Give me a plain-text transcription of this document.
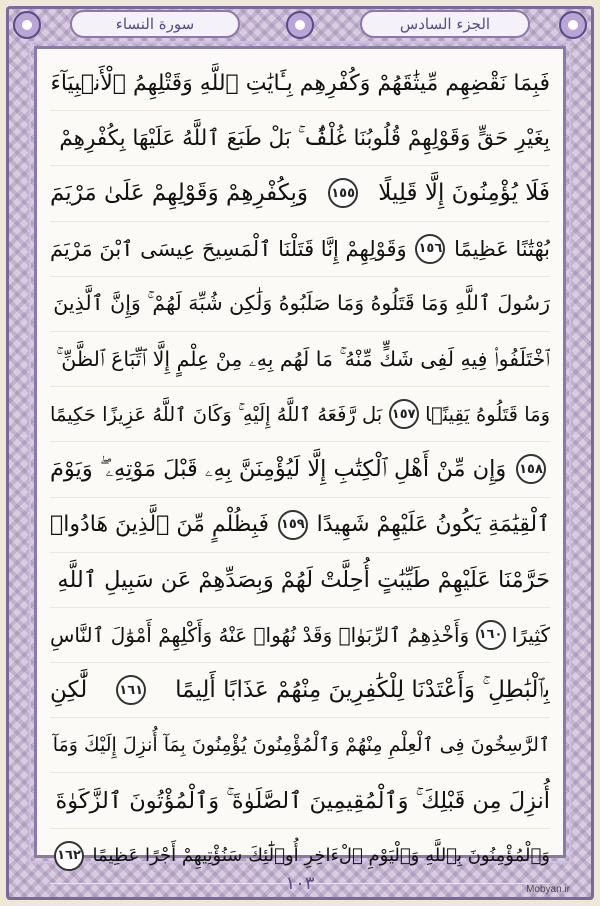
سورة النساء	الجزء السادس
فَبِمَا نَقْضِهِم مِّيثَٰقَهُمْ وَكُفْرِهِم بِـَٔايَٰتِ ٱللَّهِ وَقَتْلِهِمُ ٱلْأَنۢبِيَآءَ
بِغَيْرِ حَقٍّ وَقَوْلِهِمْ قُلُوبُنَا غُلْفٌۢ ۚ بَلْ طَبَعَ ٱللَّهُ عَلَيْهَا بِكُفْرِهِمْ
فَلَا يُؤْمِنُونَ إِلَّا قَلِيلًا
١٥٥
وَبِكُفْرِهِمْ وَقَوْلِهِمْ عَلَىٰ مَرْيَمَ
بُهْتَٰنًا عَظِيمًا
١٥٦
وَقَوْلِهِمْ إِنَّا قَتَلْنَا ٱلْمَسِيحَ عِيسَى ٱبْنَ مَرْيَمَ
رَسُولَ ٱللَّهِ وَمَا قَتَلُوهُ وَمَا صَلَبُوهُ وَلَٰكِن شُبِّهَ لَهُمْ ۚ وَإِنَّ ٱلَّذِينَ
ٱخْتَلَفُوا۟ فِيهِ لَفِى شَكٍّ مِّنْهُ ۚ مَا لَهُم بِهِۦ مِنْ عِلْمٍ إِلَّا ٱتِّبَاعَ ٱلظَّنِّ ۚ
وَمَا قَتَلُوهُ يَقِينًۢا
١٥٧
بَل رَّفَعَهُ ٱللَّهُ إِلَيْهِ ۚ وَكَانَ ٱللَّهُ عَزِيزًا حَكِيمًا
١٥٨
وَإِن مِّنْ أَهْلِ ٱلْكِتَٰبِ إِلَّا لَيُؤْمِنَنَّ بِهِۦ قَبْلَ مَوْتِهِۦ ۖ وَيَوْمَ
ٱلْقِيَٰمَةِ يَكُونُ عَلَيْهِمْ شَهِيدًا
١٥٩
فَبِظُلْمٍ مِّنَ ٱلَّذِينَ هَادُوا۟
حَرَّمْنَا عَلَيْهِمْ طَيِّبَٰتٍ أُحِلَّتْ لَهُمْ وَبِصَدِّهِمْ عَن سَبِيلِ ٱللَّهِ
كَثِيرًا
١٦٠
وَأَخْذِهِمُ ٱلرِّبَوٰا۟ وَقَدْ نُهُوا۟ عَنْهُ وَأَكْلِهِمْ أَمْوَٰلَ ٱلنَّاسِ
بِٱلْبَٰطِلِ ۚ وَأَعْتَدْنَا لِلْكَٰفِرِينَ مِنْهُمْ عَذَابًا أَلِيمًا
١٦١
لَّٰكِنِ
ٱلرَّٰسِخُونَ فِى ٱلْعِلْمِ مِنْهُمْ وَٱلْمُؤْمِنُونَ يُؤْمِنُونَ بِمَآ أُنزِلَ إِلَيْكَ وَمَآ
أُنزِلَ مِن قَبْلِكَ ۚ وَٱلْمُقِيمِينَ ٱلصَّلَوٰةَ ۚ وَٱلْمُؤْتُونَ ٱلزَّكَوٰةَ
وَٱلْمُؤْمِنُونَ بِٱللَّهِ وَٱلْيَوْمِ ٱلْءَاخِرِ أُو۟لَٰٓئِكَ سَنُؤْتِيهِمْ أَجْرًا عَظِيمًا
١٦٢
١٠٣	Mobyan.ir
